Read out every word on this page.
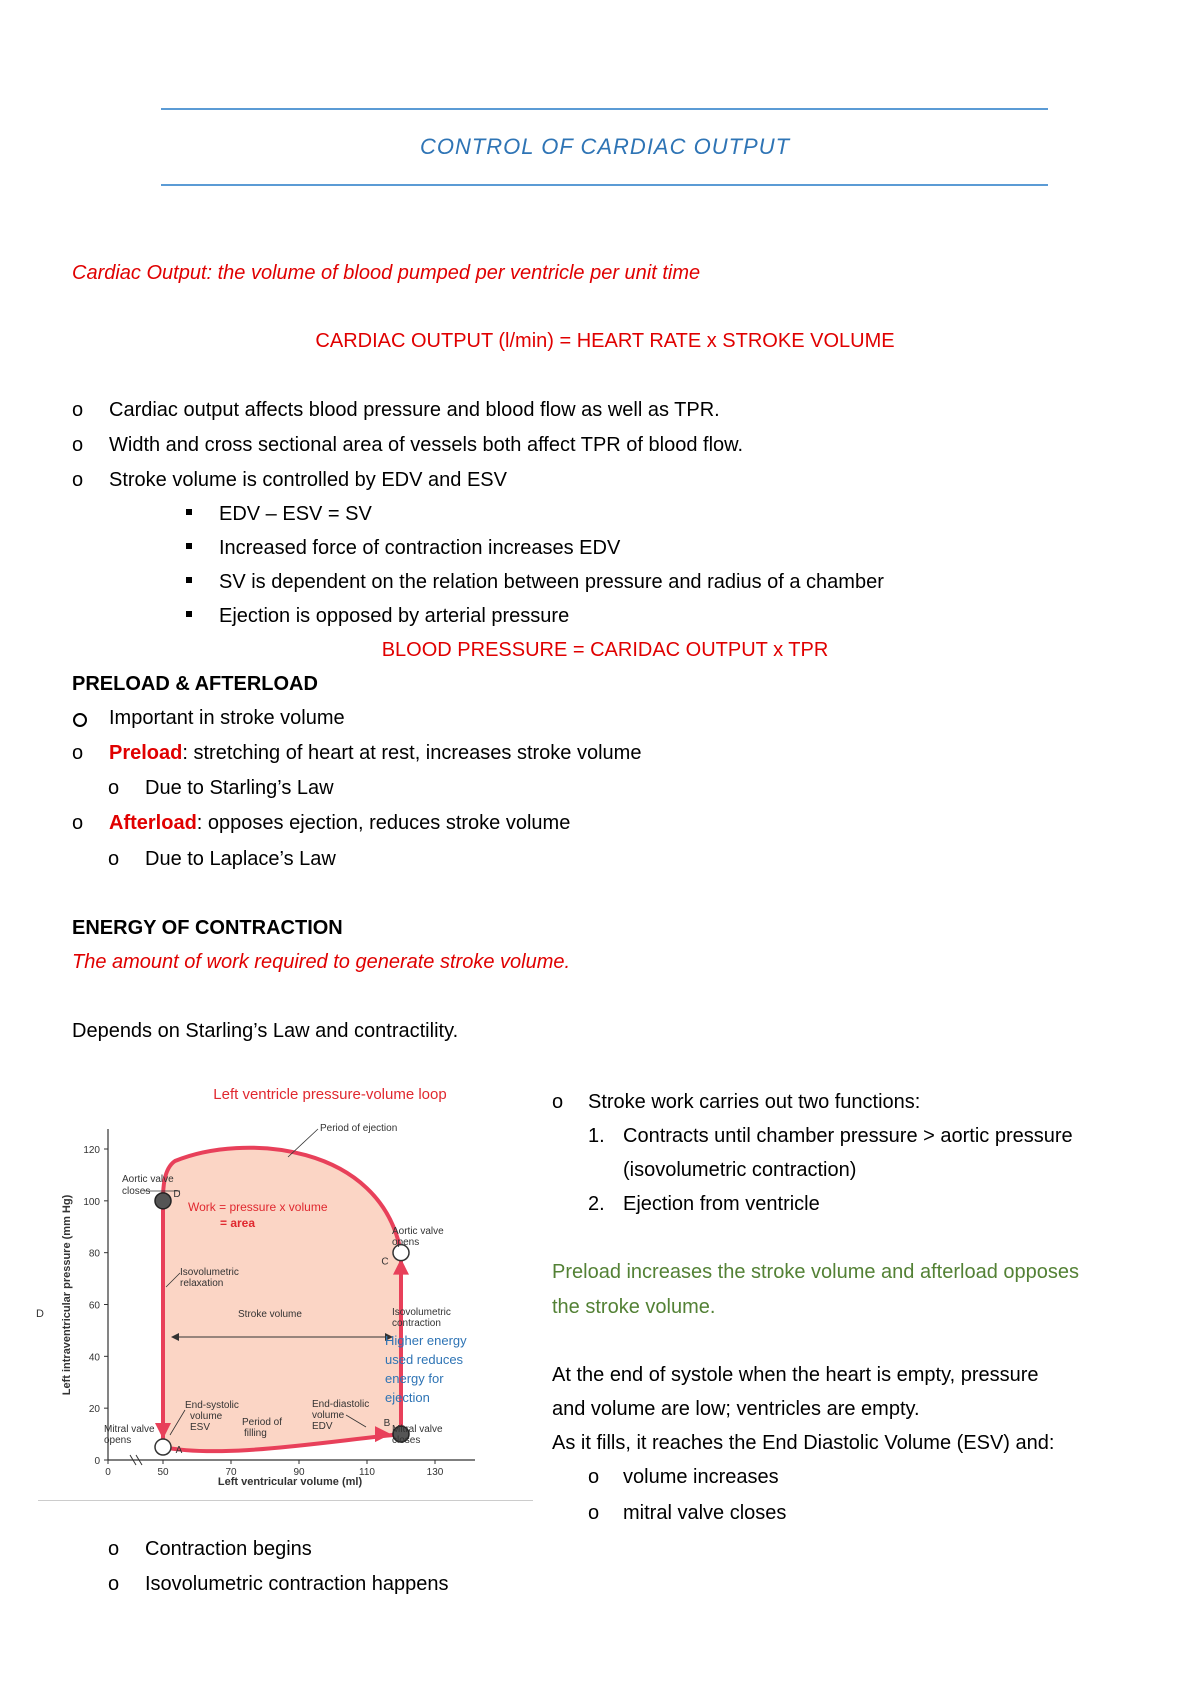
CONTROL OF CARDIAC OUTPUT
Cardiac Output: the volume of blood pumped per ventricle per unit time
CARDIAC OUTPUT (l/min) = HEART RATE x STROKE VOLUME
o Cardiac output affects blood pressure and blood flow as well as TPR.
o Width and cross sectional area of vessels both affect TPR of blood flow.
o Stroke volume is controlled by EDV and ESV
EDV – ESV = SV
Increased force of contraction increases EDV
SV is dependent on the relation between pressure and radius of a chamber
Ejection is opposed by arterial pressure
BLOOD PRESSURE = CARIDAC OUTPUT x TPR
PRELOAD & AFTERLOAD
Important in stroke volume
o Preload: stretching of heart at rest, increases stroke volume
o Due to Starling’s Law
o Afterload: opposes ejection, reduces stroke volume
o Due to Laplace’s Law
ENERGY OF CONTRACTION
The amount of work required to generate stroke volume.
Depends on Starling’s Law and contractility.
Left ventricle pressure-volume loop
0
20
40
60
80
100
120
0	50	70	90	110	130
Left intraventricular pressure (mm Hg)
Left ventricular volume (ml)
A
B
C
D
Period of ejection
Aortic valve
closes
Work = pressure x volume
= area
Aortic valve
opens
Isovolumetric
relaxation
Stroke volume	Isovolumetric
contraction
Higher energy
used reduces
energy for
ejection
End-systolic
volume
ESV	Period of
filling
End-diastolic
volume
EDV
Mitral valve
opens
Mitral valve
closes
D
o Stroke work carries out two functions:
1. Contracts until chamber pressure > aortic pressure
(isovolumetric contraction)
2. Ejection from ventricle
Preload increases the stroke volume and afterload opposes
the stroke volume.
At the end of systole when the heart is empty, pressure
and volume are low; ventricles are empty.
As it fills, it reaches the End Diastolic Volume (ESV) and:
o volume increases
o mitral valve closes
o Contraction begins
o Isovolumetric contraction happens
